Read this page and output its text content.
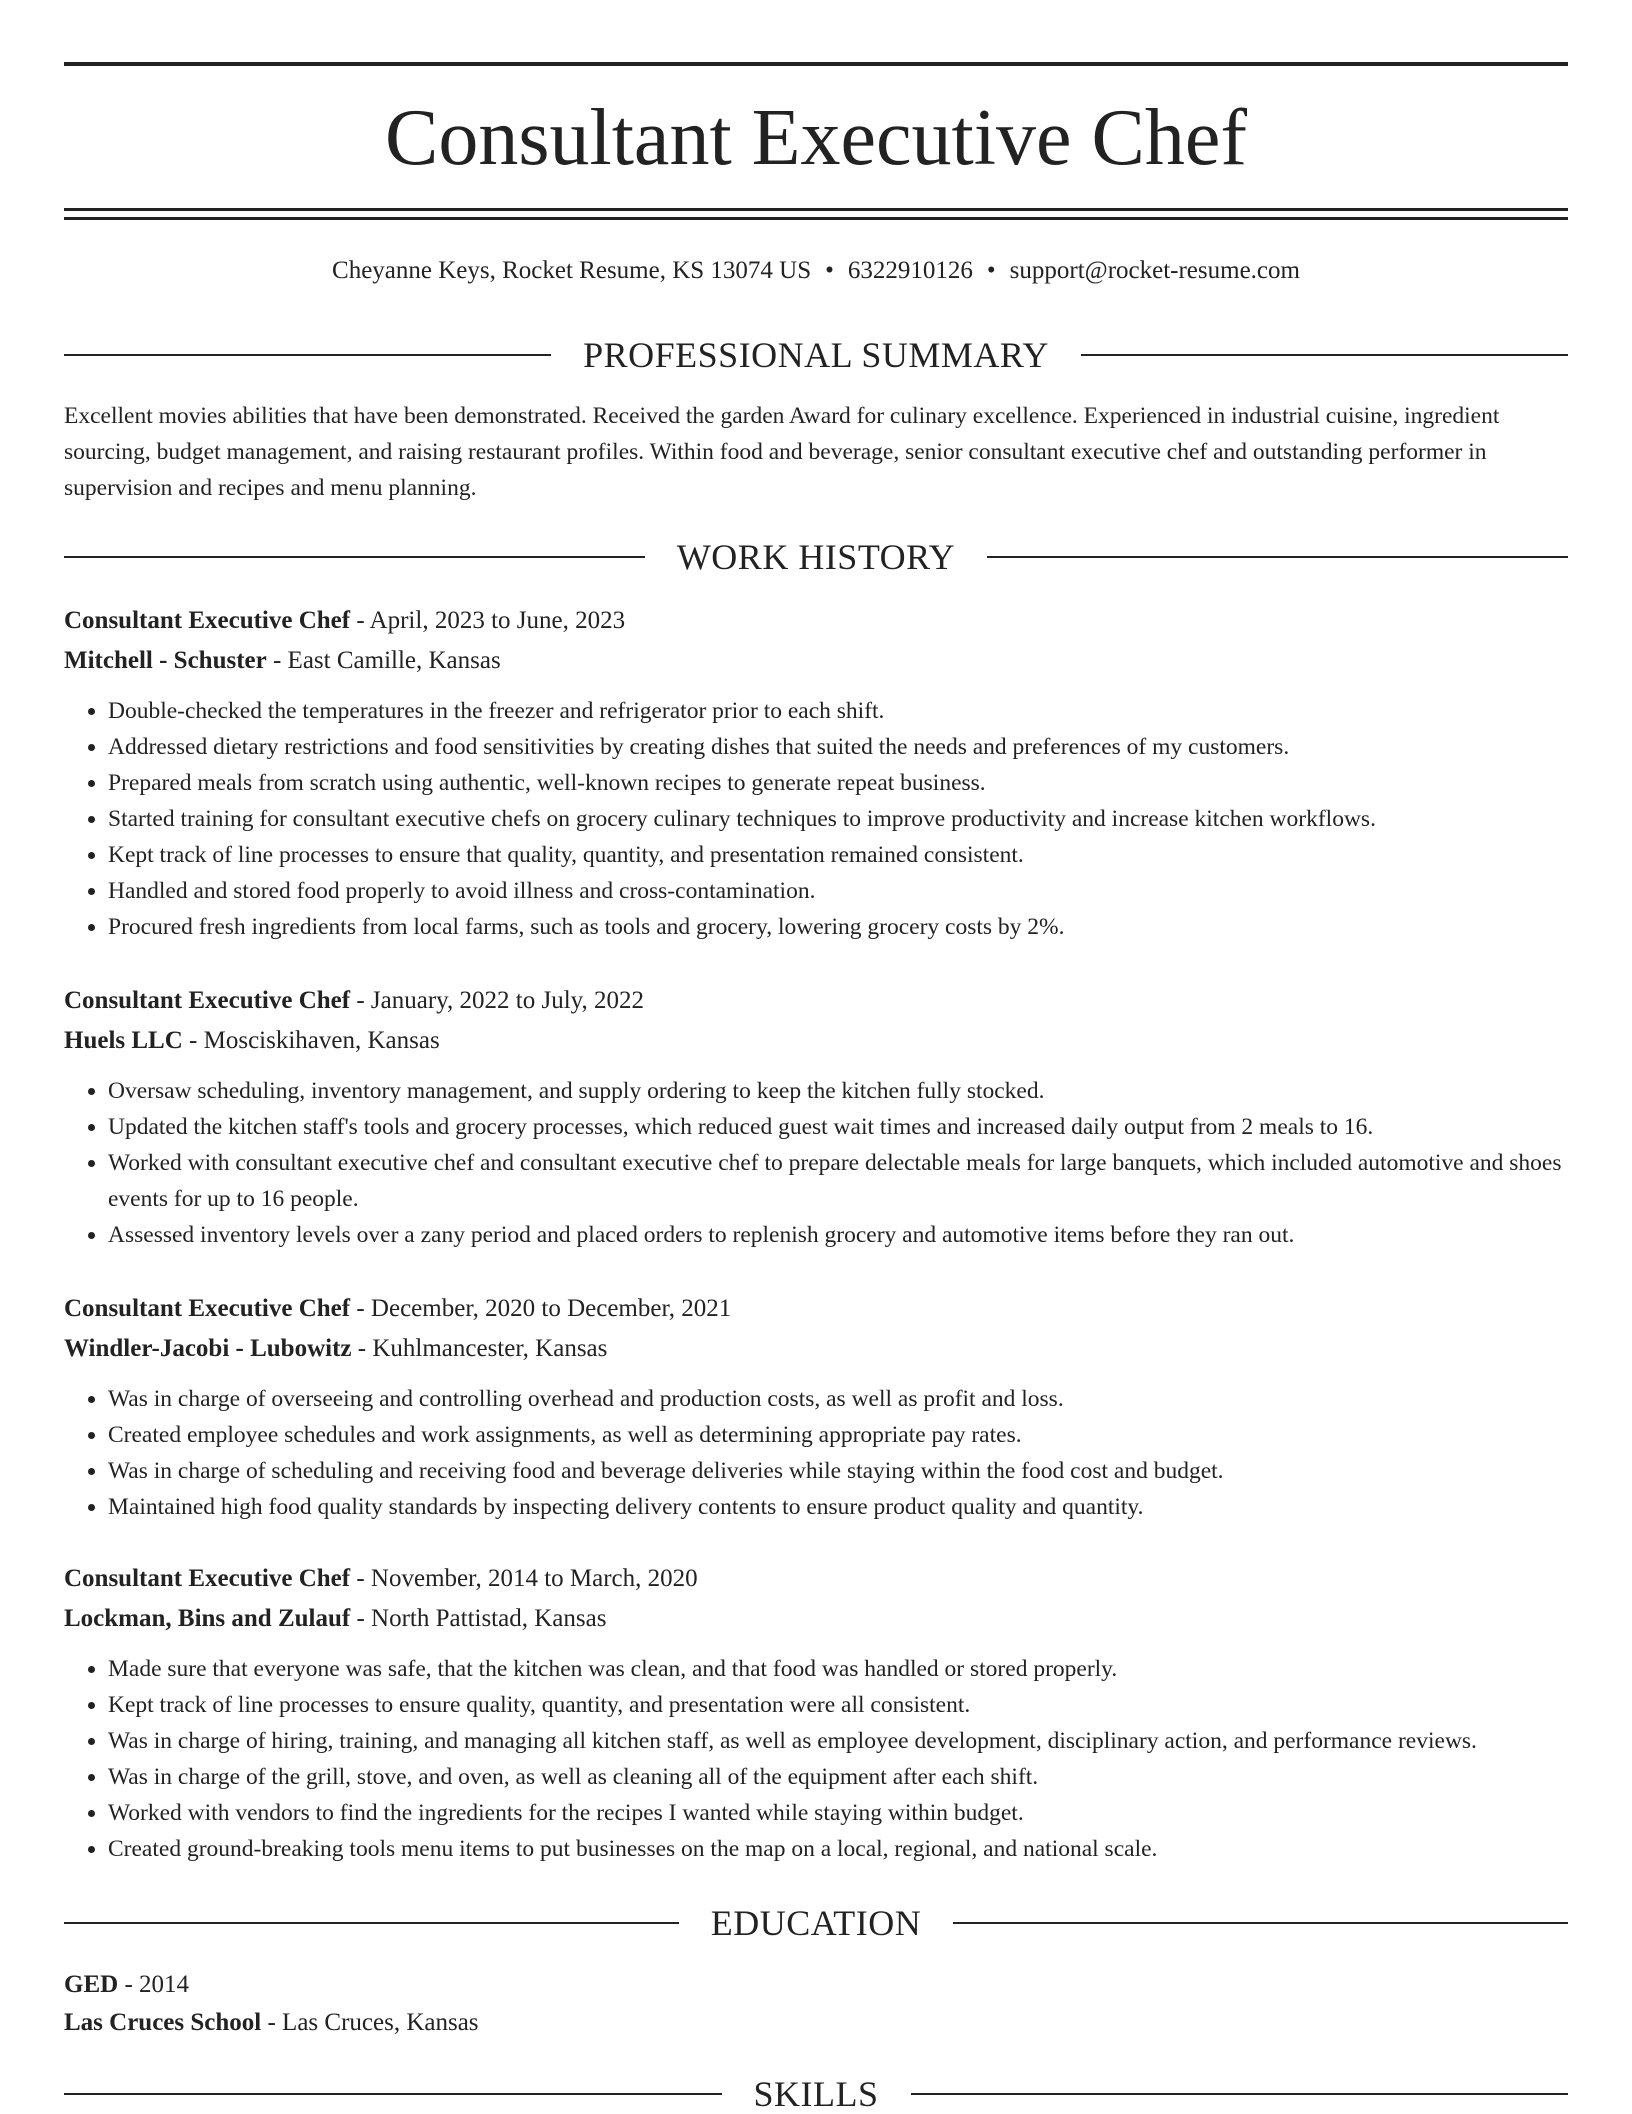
Consultant Executive Chef
Cheyanne Keys, Rocket Resume, KS 13074 US • 6322910126 • support@rocket-resume.com
PROFESSIONAL SUMMARY

Excellent movies abilities that have been demonstrated. Received the garden Award for culinary excellence. Experienced in industrial cuisine, ingredient sourcing, budget management, and raising restaurant profiles. Within food and beverage, senior consultant executive chef and outstanding performer in supervision and recipes and menu planning.

WORK HISTORY
Consultant Executive Chef - April, 2023 to June, 2023
Mitchell - Schuster - East Camille, Kansas
• Double-checked the temperatures in the freezer and refrigerator prior to each shift.
• Addressed dietary restrictions and food sensitivities by creating dishes that suited the needs and preferences of my customers.
• Prepared meals from scratch using authentic, well-known recipes to generate repeat business.
• Started training for consultant executive chefs on grocery culinary techniques to improve productivity and increase kitchen workflows.
• Kept track of line processes to ensure that quality, quantity, and presentation remained consistent.
• Handled and stored food properly to avoid illness and cross-contamination.
• Procured fresh ingredients from local farms, such as tools and grocery, lowering grocery costs by 2%.
Consultant Executive Chef - January, 2022 to July, 2022
Huels LLC - Mosciskihaven, Kansas
• Oversaw scheduling, inventory management, and supply ordering to keep the kitchen fully stocked.
• Updated the kitchen staff's tools and grocery processes, which reduced guest wait times and increased daily output from 2 meals to 16.
• Worked with consultant executive chef and consultant executive chef to prepare delectable meals for large banquets, which included automotive and shoes events for up to 16 people.
• Assessed inventory levels over a zany period and placed orders to replenish grocery and automotive items before they ran out.
Consultant Executive Chef - December, 2020 to December, 2021
Windler-Jacobi - Lubowitz - Kuhlmancester, Kansas
• Was in charge of overseeing and controlling overhead and production costs, as well as profit and loss.
• Created employee schedules and work assignments, as well as determining appropriate pay rates.
• Was in charge of scheduling and receiving food and beverage deliveries while staying within the food cost and budget.
• Maintained high food quality standards by inspecting delivery contents to ensure product quality and quantity.
Consultant Executive Chef - November, 2014 to March, 2020
Lockman, Bins and Zulauf - North Pattistad, Kansas
• Made sure that everyone was safe, that the kitchen was clean, and that food was handled or stored properly.
• Kept track of line processes to ensure quality, quantity, and presentation were all consistent.
• Was in charge of hiring, training, and managing all kitchen staff, as well as employee development, disciplinary action, and performance reviews.
• Was in charge of the grill, stove, and oven, as well as cleaning all of the equipment after each shift.
• Worked with vendors to find the ingredients for the recipes I wanted while staying within budget.
• Created ground-breaking tools menu items to put businesses on the map on a local, regional, and national scale.
EDUCATION
GED - 2014
Las Cruces School - Las Cruces, Kansas
SKILLS
